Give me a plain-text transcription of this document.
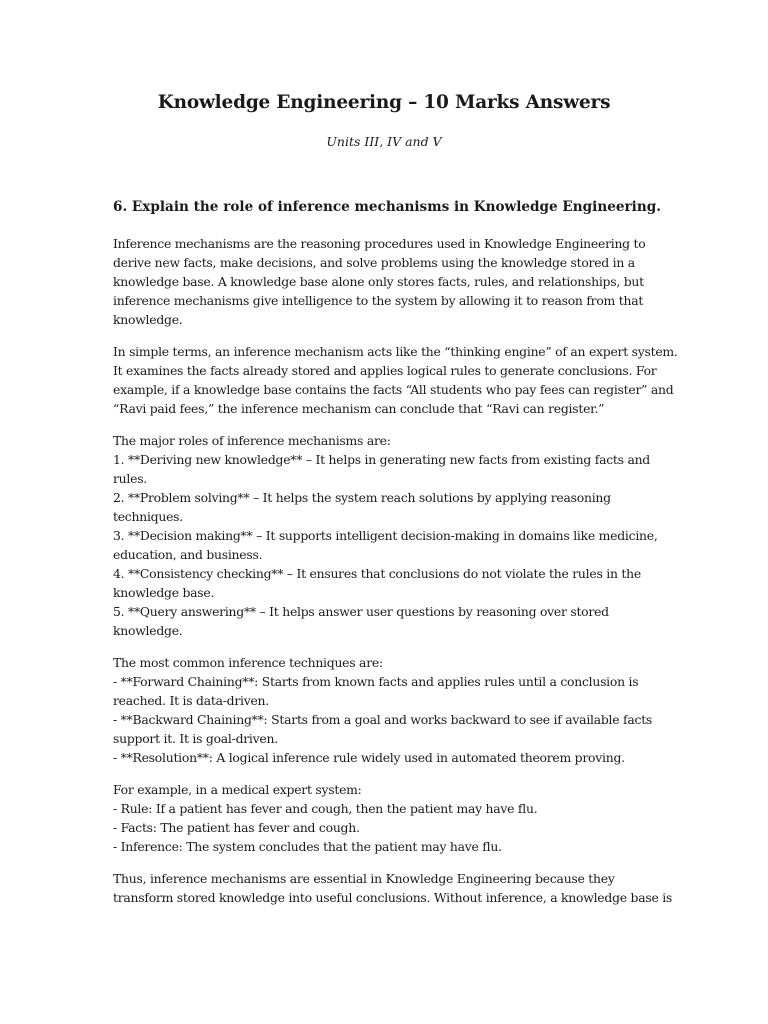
Knowledge Engineering – 10 Marks Answers

Units III, IV and V

6. Explain the role of inference mechanisms in Knowledge Engineering.
Inference mechanisms are the reasoning procedures used in Knowledge Engineering to
derive new facts, make decisions, and solve problems using the knowledge stored in a
knowledge base. A knowledge base alone only stores facts, rules, and relationships, but
inference mechanisms give intelligence to the system by allowing it to reason from that
knowledge.
In simple terms, an inference mechanism acts like the “thinking engine” of an expert system.
It examines the facts already stored and applies logical rules to generate conclusions. For
example, if a knowledge base contains the facts “All students who pay fees can register” and
“Ravi paid fees,” the inference mechanism can conclude that “Ravi can register.”
The major roles of inference mechanisms are:
1. **Deriving new knowledge** – It helps in generating new facts from existing facts and
rules.
2. **Problem solving** – It helps the system reach solutions by applying reasoning
techniques.
3. **Decision making** – It supports intelligent decision-making in domains like medicine,
education, and business.
4. **Consistency checking** – It ensures that conclusions do not violate the rules in the
knowledge base.
5. **Query answering** – It helps answer user questions by reasoning over stored
knowledge.
The most common inference techniques are:
- **Forward Chaining**: Starts from known facts and applies rules until a conclusion is
reached. It is data-driven.
- **Backward Chaining**: Starts from a goal and works backward to see if available facts
support it. It is goal-driven.
- **Resolution**: A logical inference rule widely used in automated theorem proving.
For example, in a medical expert system:
- Rule: If a patient has fever and cough, then the patient may have flu.
- Facts: The patient has fever and cough.
- Inference: The system concludes that the patient may have flu.
Thus, inference mechanisms are essential in Knowledge Engineering because they
transform stored knowledge into useful conclusions. Without inference, a knowledge base is
